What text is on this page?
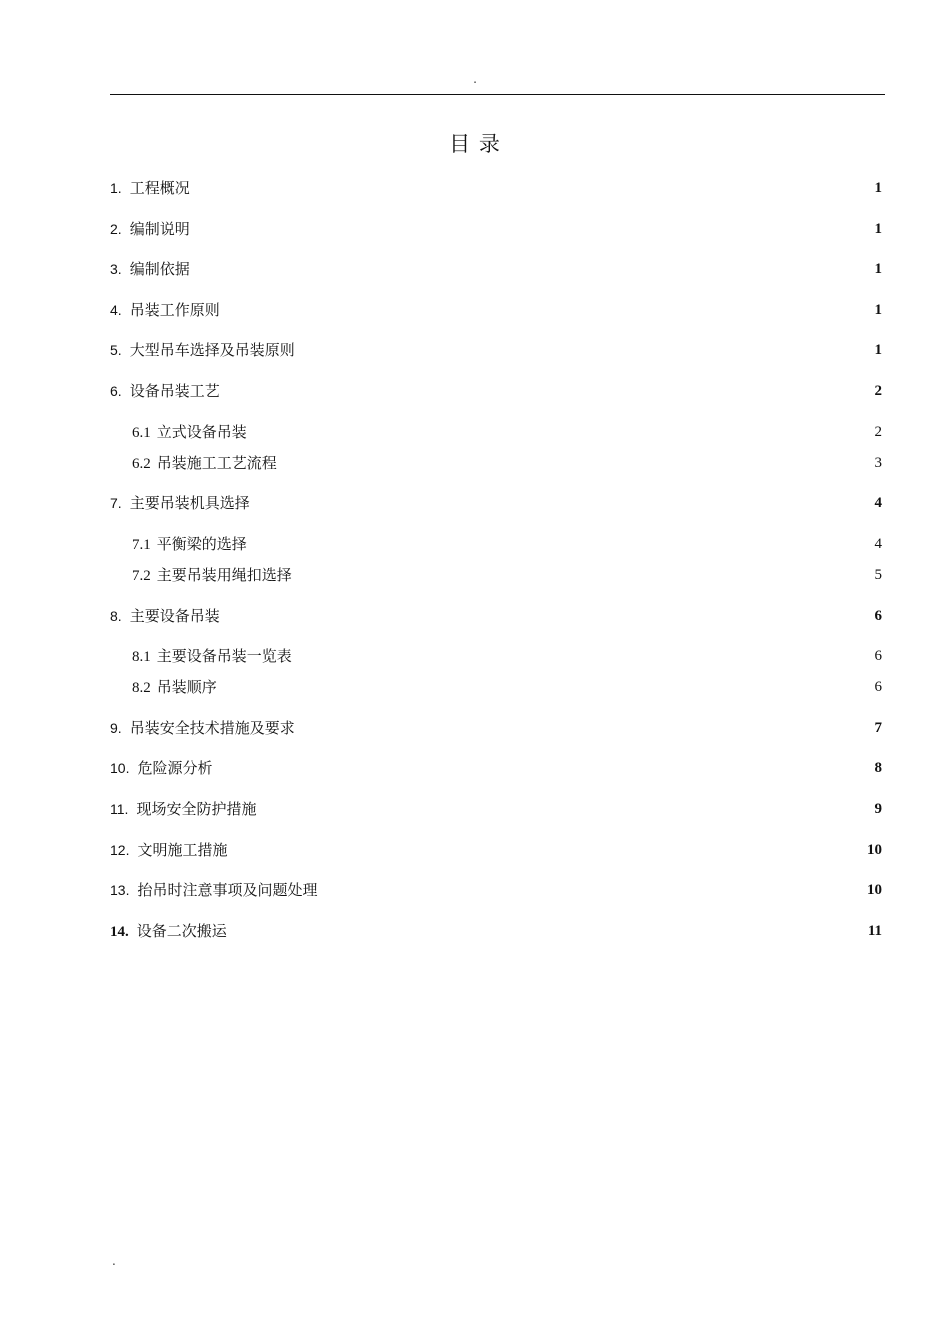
.
目 录
1. 工程概况	1
2. 编制说明	1
3. 编制依据	1
4. 吊装工作原则	1
5. 大型吊车选择及吊装原则	1
6. 设备吊装工艺	2
6.1 立式设备吊装	2
6.2 吊装施工工艺流程	3
7. 主要吊装机具选择	4
7.1 平衡梁的选择	4
7.2 主要吊装用绳扣选择	5
8. 主要设备吊装	6
8.1 主要设备吊装一览表	6
8.2 吊装顺序	6
9. 吊装安全技术措施及要求	7
10. 危险源分析	8
11. 现场安全防护措施	9
12. 文明施工措施	10
13. 抬吊时注意事项及问题处理	10
14. 设备二次搬运	11
.
